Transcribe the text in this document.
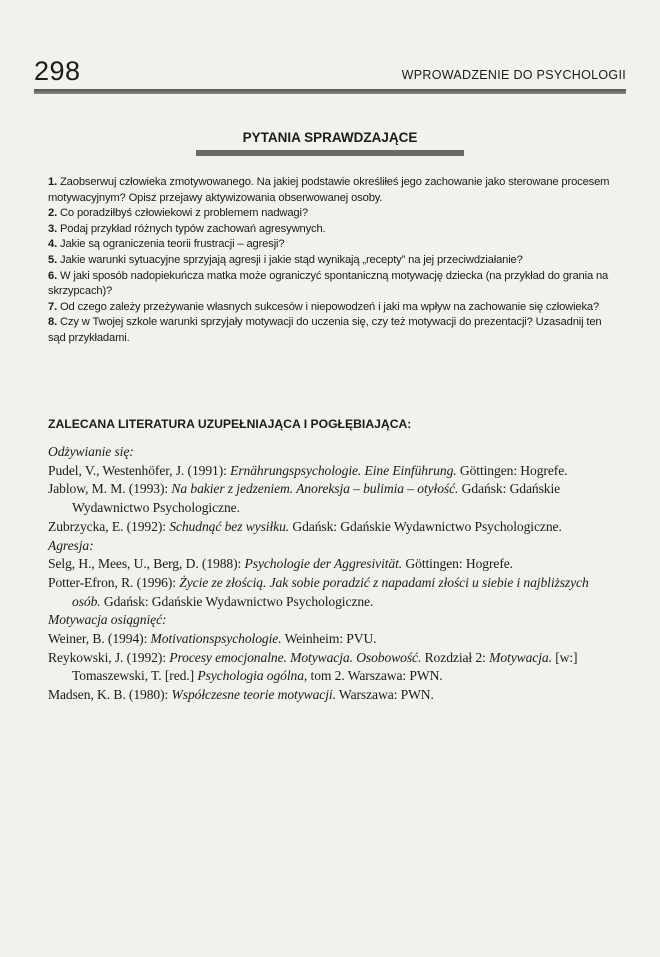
298	WPROWADZENIE DO PSYCHOLOGII
PYTANIA SPRAWDZAJĄCE

1. Zaobserwuj człowieka zmotywowanego. Na jakiej podstawie określiłeś jego zachowanie jako sterowane procesem motywacyjnym? Opisz przejawy aktywizowania obserwowanej osoby.

2. Co poradziłbyś człowiekowi z problemem nadwagi?

3. Podaj przykład różnych typów zachowań agresywnych.

4. Jakie są ograniczenia teorii frustracji – agresji?

5. Jakie warunki sytuacyjne sprzyjają agresji i jakie stąd wynikają „recepty” na jej przeciwdziałanie?

6. W jaki sposób nadopiekuńcza matka może ograniczyć spontaniczną motywację dziecka (na przykład do grania na skrzypcach)?

7. Od czego zależy przeżywanie własnych sukcesów i niepowodzeń i jaki ma wpływ na zachowanie się człowieka?

8. Czy w Twojej szkole warunki sprzyjały motywacji do uczenia się, czy też motywacji do prezentacji? Uzasadnij ten sąd przykładami.

ZALECANA LITERATURA UZUPEŁNIAJĄCA I POGŁĘBIAJĄCA:
Odżywianie się:
Pudel, V., Westenhöfer, J. (1991): Ernährungspsychologie. Eine Einführung. Göttingen: Hogrefe.
Jablow, M. M. (1993): Na bakier z jedzeniem. Anoreksja – bulimia – otyłość. Gdańsk: Gdańskie Wydawnictwo Psychologiczne.
Zubrzycka, E. (1992): Schudnąć bez wysiłku. Gdańsk: Gdańskie Wydawnictwo Psychologiczne.
Agresja:
Selg, H., Mees, U., Berg, D. (1988): Psychologie der Aggresivität. Göttingen: Hogrefe.
Potter-Efron, R. (1996): Życie ze złością. Jak sobie poradzić z napadami złości u siebie i najbliższych osób. Gdańsk: Gdańskie Wydawnictwo Psychologiczne.
Motywacja osiągnięć:
Weiner, B. (1994): Motivationspsychologie. Weinheim: PVU.
Reykowski, J. (1992): Procesy emocjonalne. Motywacja. Osobowość. Rozdział 2: Motywacja. [w:] Tomaszewski, T. [red.] Psychologia ogólna, tom 2. Warszawa: PWN.
Madsen, K. B. (1980): Współczesne teorie motywacji. Warszawa: PWN.
